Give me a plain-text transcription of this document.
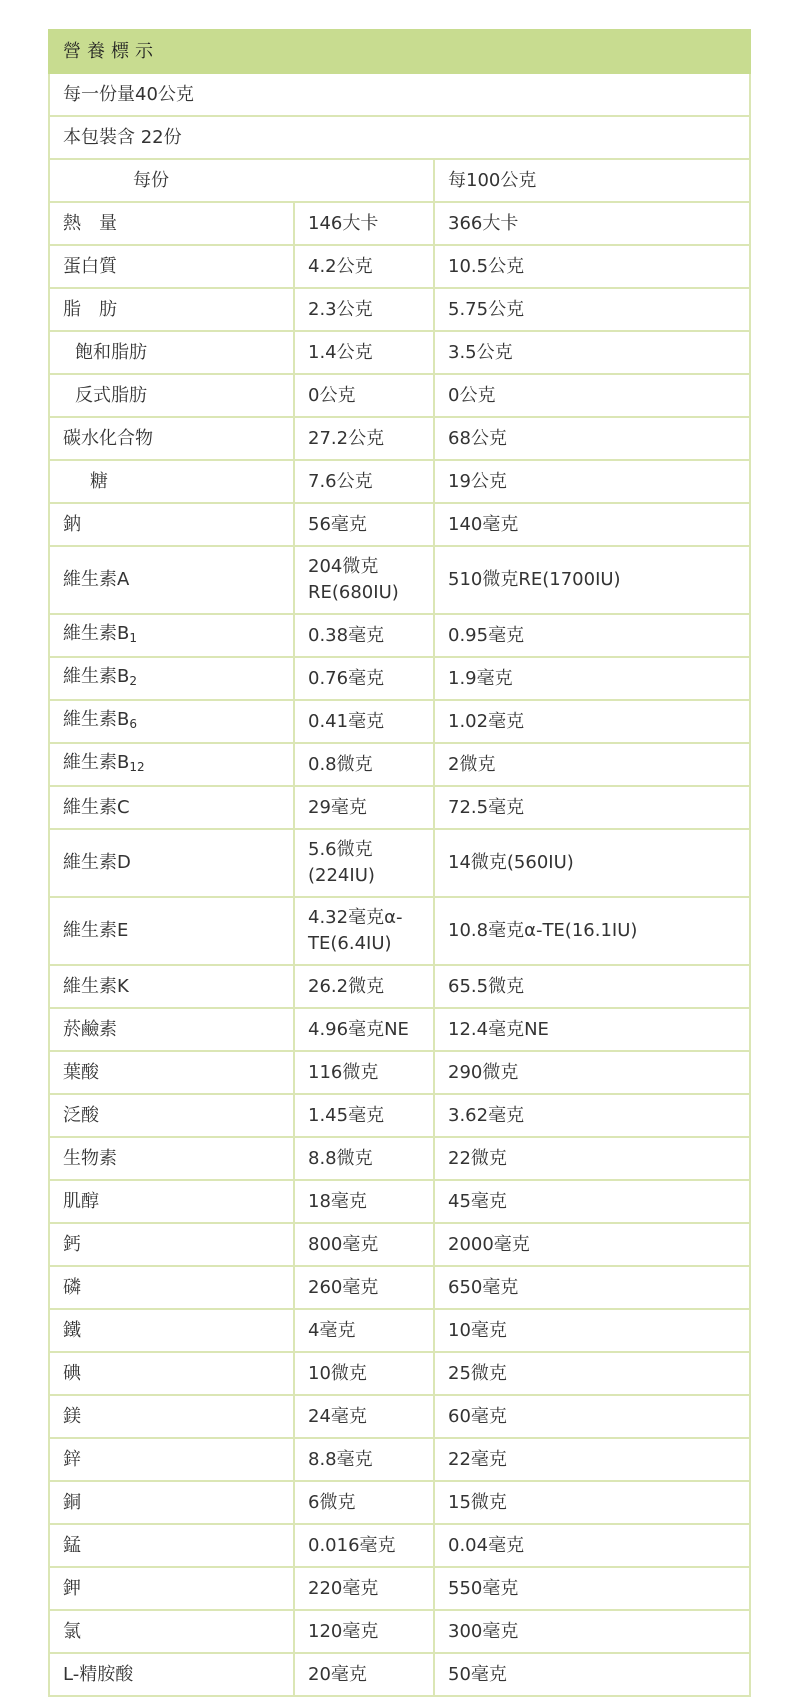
營養標示		
每一份量40公克		
本包裝含 22份		
每份		每100公克
熱　量	146大卡	366大卡
蛋白質	4.2公克	10.5公克
脂　肪	2.3公克	5.75公克
飽和脂肪	1.4公克	3.5公克
反式脂肪	0公克	0公克
碳水化合物	27.2公克	68公克
糖	7.6公克	19公克
鈉	56毫克	140毫克
維生素A	204微克RE(680IU)	510微克RE(1700IU)
維生素$B_1$	0.38毫克	0.95毫克
維生素$B_2$	0.76毫克	1.9毫克
維生素$B_6$	0.41毫克	1.02毫克
維生素$B_{12}$	0.8微克	2微克
維生素C	29毫克	72.5毫克
維生素D	5.6微克(224IU)	14微克(560IU)
維生素E	4.32毫克α-TE(6.4IU)	10.8毫克α-TE(16.1IU)
維生素K	26.2微克	65.5微克
菸鹼素	4.96毫克NE	12.4毫克NE
葉酸	116微克	290微克
泛酸	1.45毫克	3.62毫克
生物素	8.8微克	22微克
肌醇	18毫克	45毫克
鈣	800毫克	2000毫克
磷	260毫克	650毫克
鐵	4毫克	10毫克
碘	10微克	25微克
鎂	24毫克	60毫克
鋅	8.8毫克	22毫克
銅	6微克	15微克
錳	0.016毫克	0.04毫克
鉀	220毫克	550毫克
氯	120毫克	300毫克
L-精胺酸	20毫克	50毫克
